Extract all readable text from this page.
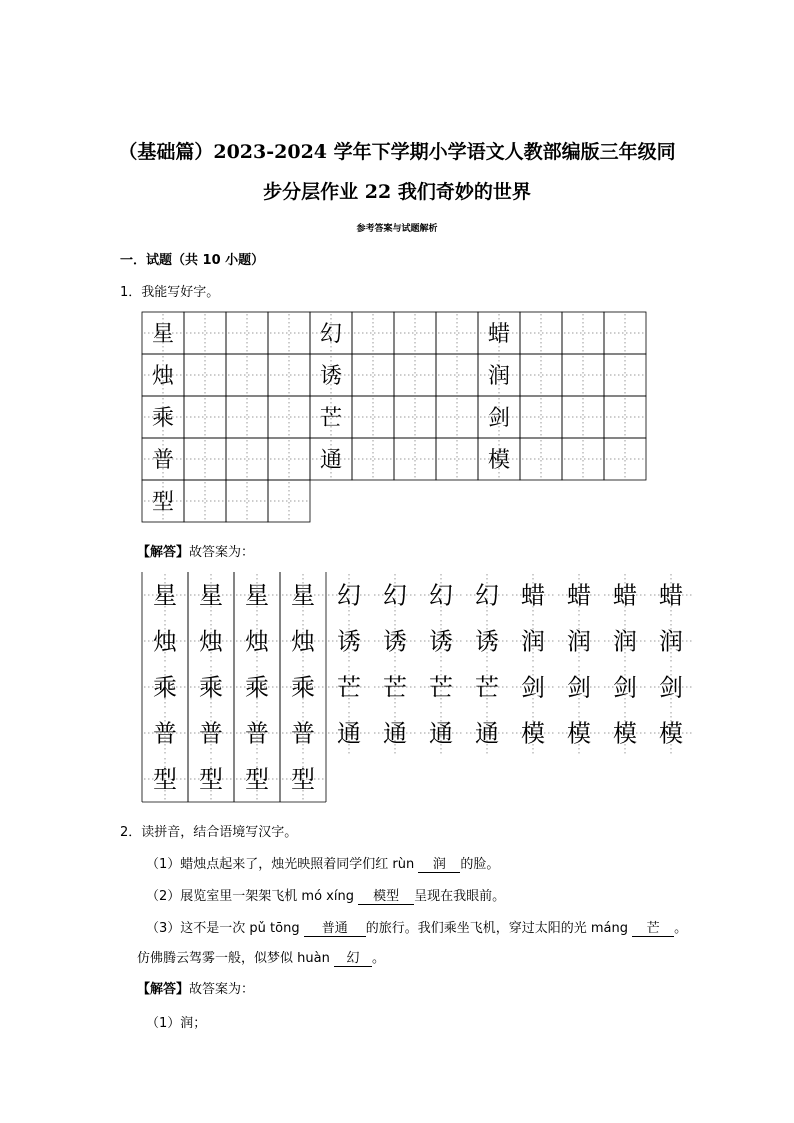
（基础篇）2023-2024 学年下学期小学语文人教部编版三年级同
步分层作业 22 我们奇妙的世界
参考答案与试题解析
一．试题（共 10 小题）
1．我能写好字。
星
烛
乘
普
型
幻
诱
芒
通
蜡
润
剑
模
星 星 星 星
烛 烛 烛 烛
乘 乘 乘 乘
普 普 普 普
型 型 型 型
幻 幻 幻 幻
诱 诱 诱 诱
芒 芒 芒 芒
通 通 通 通
蜡 蜡 蜡 蜡
润 润 润 润
剑 剑 剑 剑
模 模 模 模
【解答】故答案为：
2．读拼音，结合语境写汉字。
（1）蜡烛点起来了，烛光映照着同学们红 rùn 润 的脸。
（2）展览室里一架架飞机 mó xíng 模型 呈现在我眼前。
（3）这不是一次 pǔ tōng 普通 的旅行。我们乘坐飞机，穿过太阳的光 máng 芒 。
仿佛腾云驾雾一般，似梦似 huàn 幻 。
【解答】故答案为：
（1）润；
